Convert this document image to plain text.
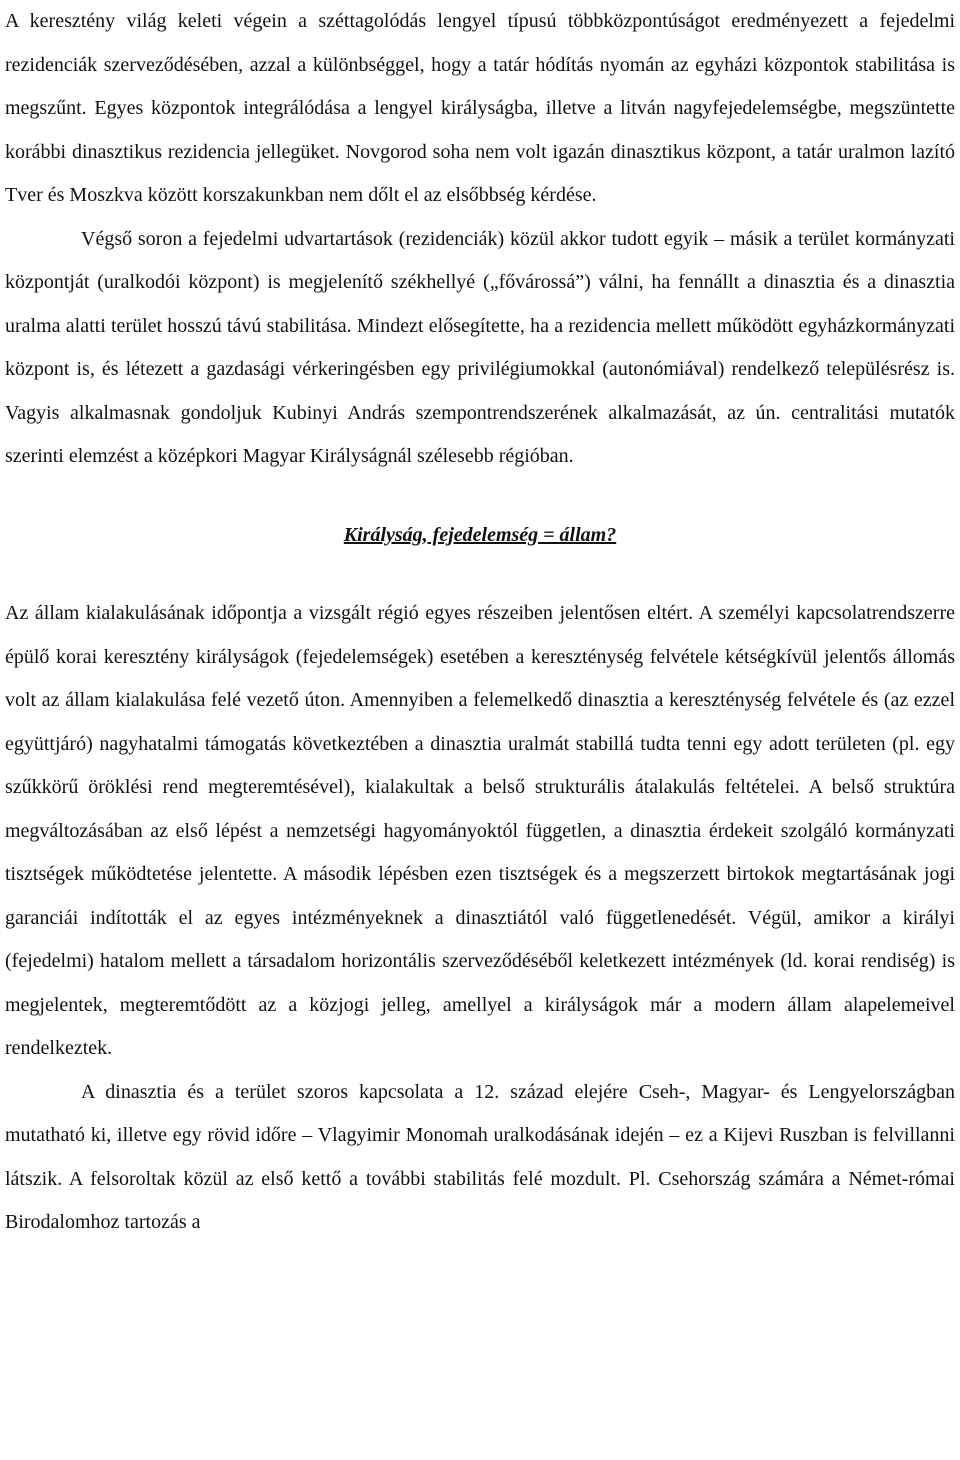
A keresztény világ keleti végein a széttagolódás lengyel típusú többközpontúságot eredményezett a fejedelmi rezidenciák szerveződésében, azzal a különbséggel, hogy a tatár hódítás nyomán az egyházi központok stabilitása is megszűnt. Egyes központok integrálódása a lengyel királyságba, illetve a litván nagyfejedelemségbe, megszüntette korábbi dinasztikus rezidencia jellegüket. Novgorod soha nem volt igazán dinasztikus központ, a tatár uralmon lazító Tver és Moszkva között korszakunkban nem dőlt el az elsőbbség kérdése.

Végső soron a fejedelmi udvartartások (rezidenciák) közül akkor tudott egyik – másik a terület kormányzati központját (uralkodói központ) is megjelenítő székhellyé („fővárossá”) válni, ha fennállt a dinasztia és a dinasztia uralma alatti terület hosszú távú stabilitása. Mindezt elősegítette, ha a rezidencia mellett működött egyházkormányzati központ is, és létezett a gazdasági vérkeringésben egy privilégiumokkal (autonómiával) rendelkező településrész is. Vagyis alkalmasnak gondoljuk Kubinyi András szempontrendszerének alkalmazását, az ún. centralitási mutatók szerinti elemzést a középkori Magyar Királyságnál szélesebb régióban.

Királyság, fejedelemség = állam?

Az állam kialakulásának időpontja a vizsgált régió egyes részeiben jelentősen eltért. A személyi kapcsolatrendszerre épülő korai keresztény királyságok (fejedelemségek) esetében a kereszténység felvétele kétségkívül jelentős állomás volt az állam kialakulása felé vezető úton. Amennyiben a felemelkedő dinasztia a kereszténység felvétele és (az ezzel együttjáró) nagyhatalmi támogatás következtében a dinasztia uralmát stabillá tudta tenni egy adott területen (pl. egy szűkkörű öröklési rend megteremtésével), kialakultak a belső strukturális átalakulás feltételei. A belső struktúra megváltozásában az első lépést a nemzetségi hagyományoktól független, a dinasztia érdekeit szolgáló kormányzati tisztségek működtetése jelentette. A második lépésben ezen tisztségek és a megszerzett birtokok megtartásának jogi garanciái indították el az egyes intézményeknek a dinasztiától való függetlenedését. Végül, amikor a királyi (fejedelmi) hatalom mellett a társadalom horizontális szerveződéséből keletkezett intézmények (ld. korai rendiség) is megjelentek, megteremtődött az a közjogi jelleg, amellyel a királyságok már a modern állam alapelemeivel rendelkeztek.

A dinasztia és a terület szoros kapcsolata a 12. század elejére Cseh-, Magyar- és Lengyelországban mutatható ki, illetve egy rövid időre – Vlagyimir Monomah uralkodásának idején – ez a Kijevi Ruszban is felvillanni látszik. A felsoroltak közül az első kettő a további stabilitás felé mozdult. Pl. Csehország számára a Német-római Birodalomhoz tartozás a
